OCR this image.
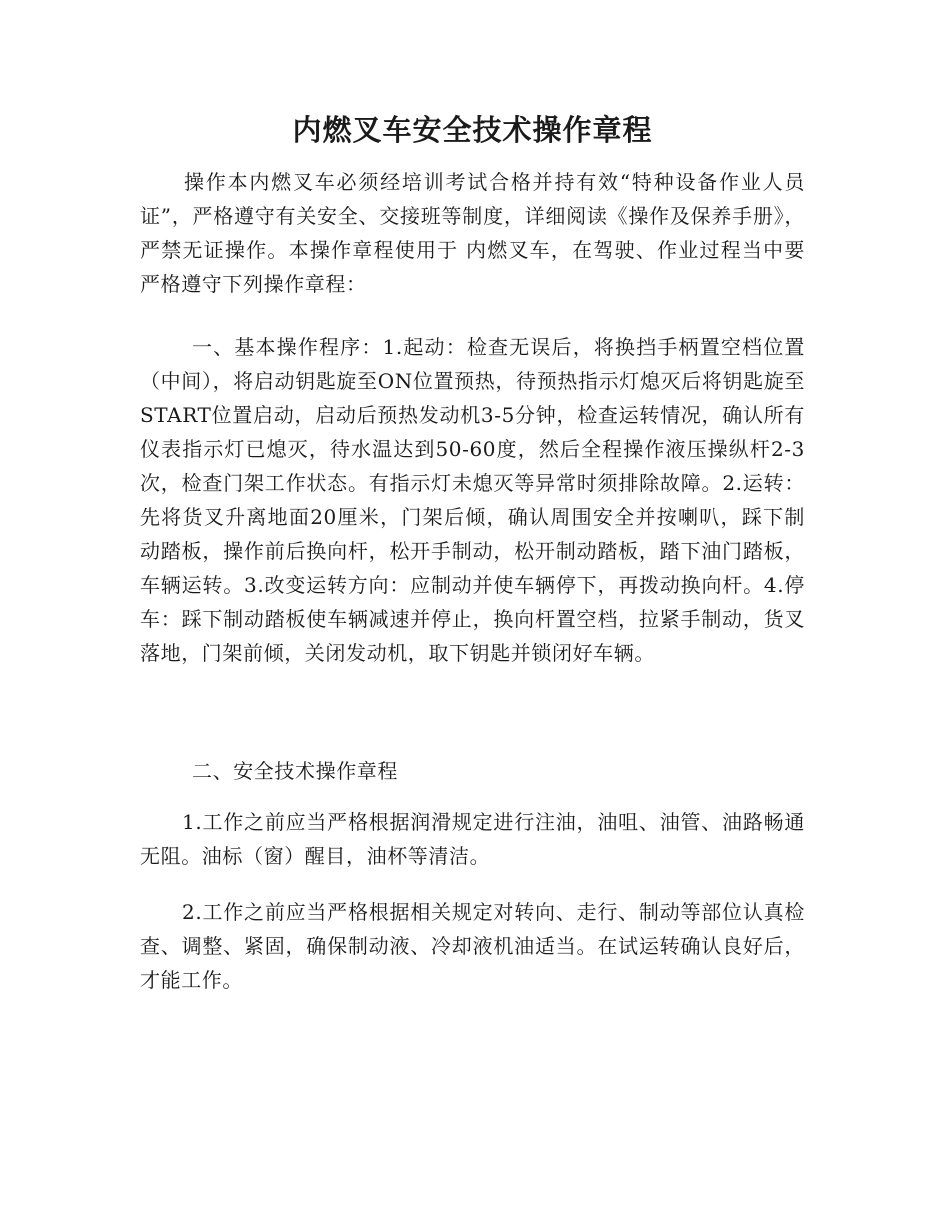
内燃叉车安全技术操作章程

操作本内燃叉车必须经培训考试合格并持有效“特种设备作业人员证”，严格遵守有关安全、交接班等制度，详细阅读《操作及保养手册》，严禁无证操作。本操作章程使用于 内燃叉车，在驾驶、作业过程当中要严格遵守下列操作章程：

一、基本操作程序：1.起动：检查无误后，将换挡手柄置空档位置（中间），将启动钥匙旋至ON位置预热，待预热指示灯熄灭后将钥匙旋至START位置启动，启动后预热发动机3-5分钟，检查运转情况，确认所有仪表指示灯已熄灭，待水温达到50-60度，然后全程操作液压操纵杆2-3次，检查门架工作状态。有指示灯未熄灭等异常时须排除故障。2.运转：先将货叉升离地面20厘米，门架后倾，确认周围安全并按喇叭，踩下制动踏板，操作前后换向杆，松开手制动，松开制动踏板，踏下油门踏板，车辆运转。3.改变运转方向：应制动并使车辆停下，再拨动换向杆。4.停车：踩下制动踏板使车辆减速并停止，换向杆置空档，拉紧手制动，货叉落地，门架前倾，关闭发动机，取下钥匙并锁闭好车辆。

二、安全技术操作章程

1.工作之前应当严格根据润滑规定进行注油，油咀、油管、油路畅通无阻。油标（窗）醒目，油杯等清洁。

2.工作之前应当严格根据相关规定对转向、走行、制动等部位认真检查、调整、紧固，确保制动液、冷却液机油适当。在试运转确认良好后，才能工作。
